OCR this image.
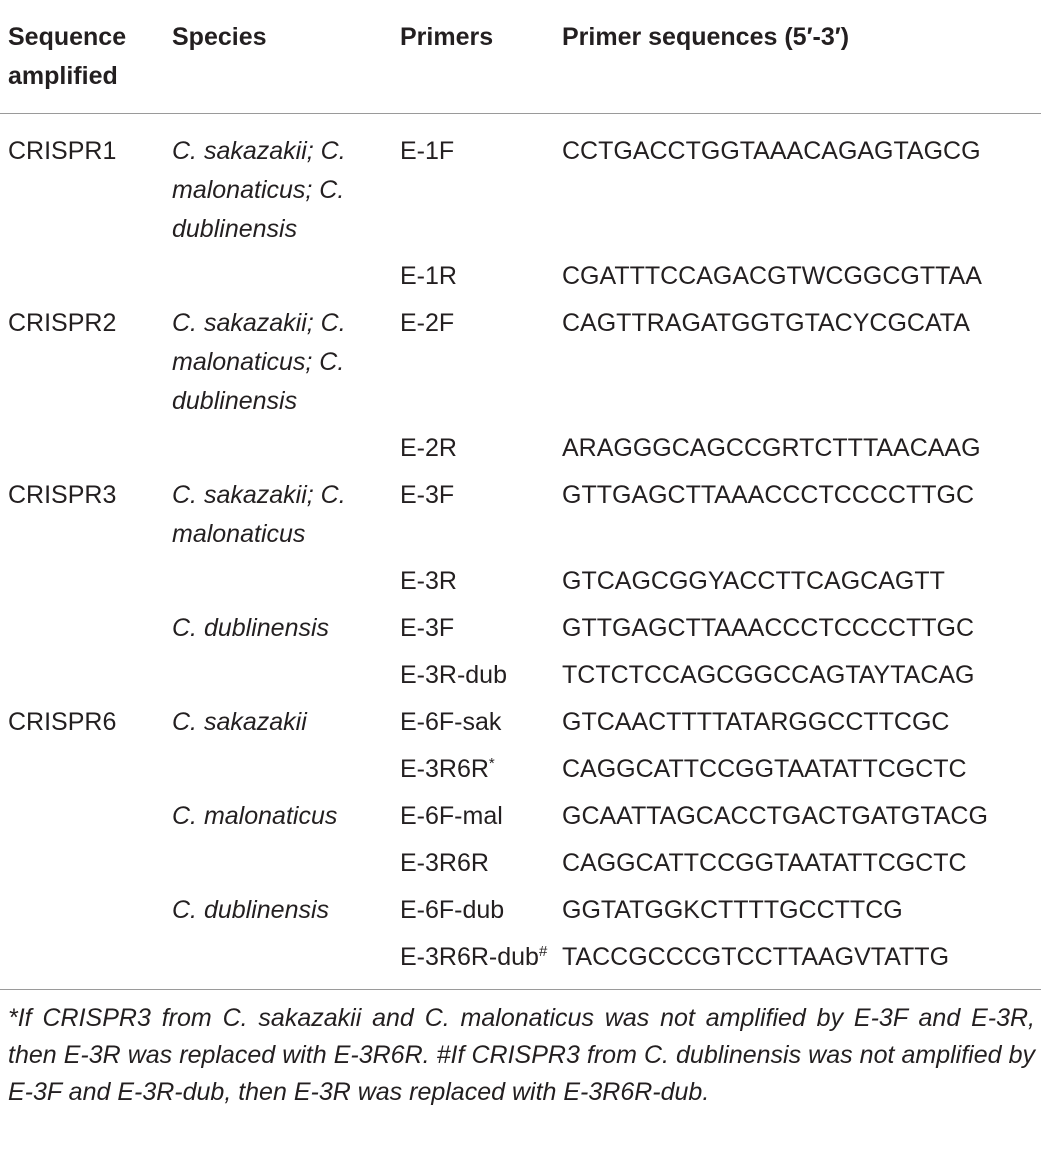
Sequence amplified	Species	Primers	Primer sequences (5′-3′)
CRISPR1	C. sakazakii; C. malonaticus; C. dublinensis	E-1F	CCTGACCTGGTAAACAGAGTAGCG
		E-1R	CGATTTCCAGACGTWCGGCGTTAA
CRISPR2	C. sakazakii; C. malonaticus; C. dublinensis	E-2F	CAGTTRAGATGGTGTACYCGCATA
		E-2R	ARAGGGCAGCCGRTCTTTAACAAG
CRISPR3	C. sakazakii; C. malonaticus	E-3F	GTTGAGCTTAAACCCTCCCCTTGC
		E-3R	GTCAGCGGYACCTTCAGCAGTT
	C. dublinensis	E-3F	GTTGAGCTTAAACCCTCCCCTTGC
		E-3R-dub	TCTCTCCAGCGGCCAGTAYTACAG
CRISPR6	C. sakazakii	E-6F-sak	GTCAACTTTTATARGGCCTTCGC
		E-3R6R*	CAGGCATTCCGGTAATATTCGCTC
	C. malonaticus	E-6F-mal	GCAATTAGCACCTGACTGATGTACG
		E-3R6R	CAGGCATTCCGGTAATATTCGCTC
	C. dublinensis	E-6F-dub	GGTATGGKCTTTTGCCTTCG
		E-3R6R-dub#	TACCGCCCGTCCTTAAGVTATTG
*If CRISPR3 from C. sakazakii and C. malonaticus was not amplified by E-3F and E-3R, then E-3R was replaced with E-3R6R. #If CRISPR3 from C. dublinensis was not amplified by E-3F and E-3R-dub, then E-3R was replaced with E-3R6R-dub.
